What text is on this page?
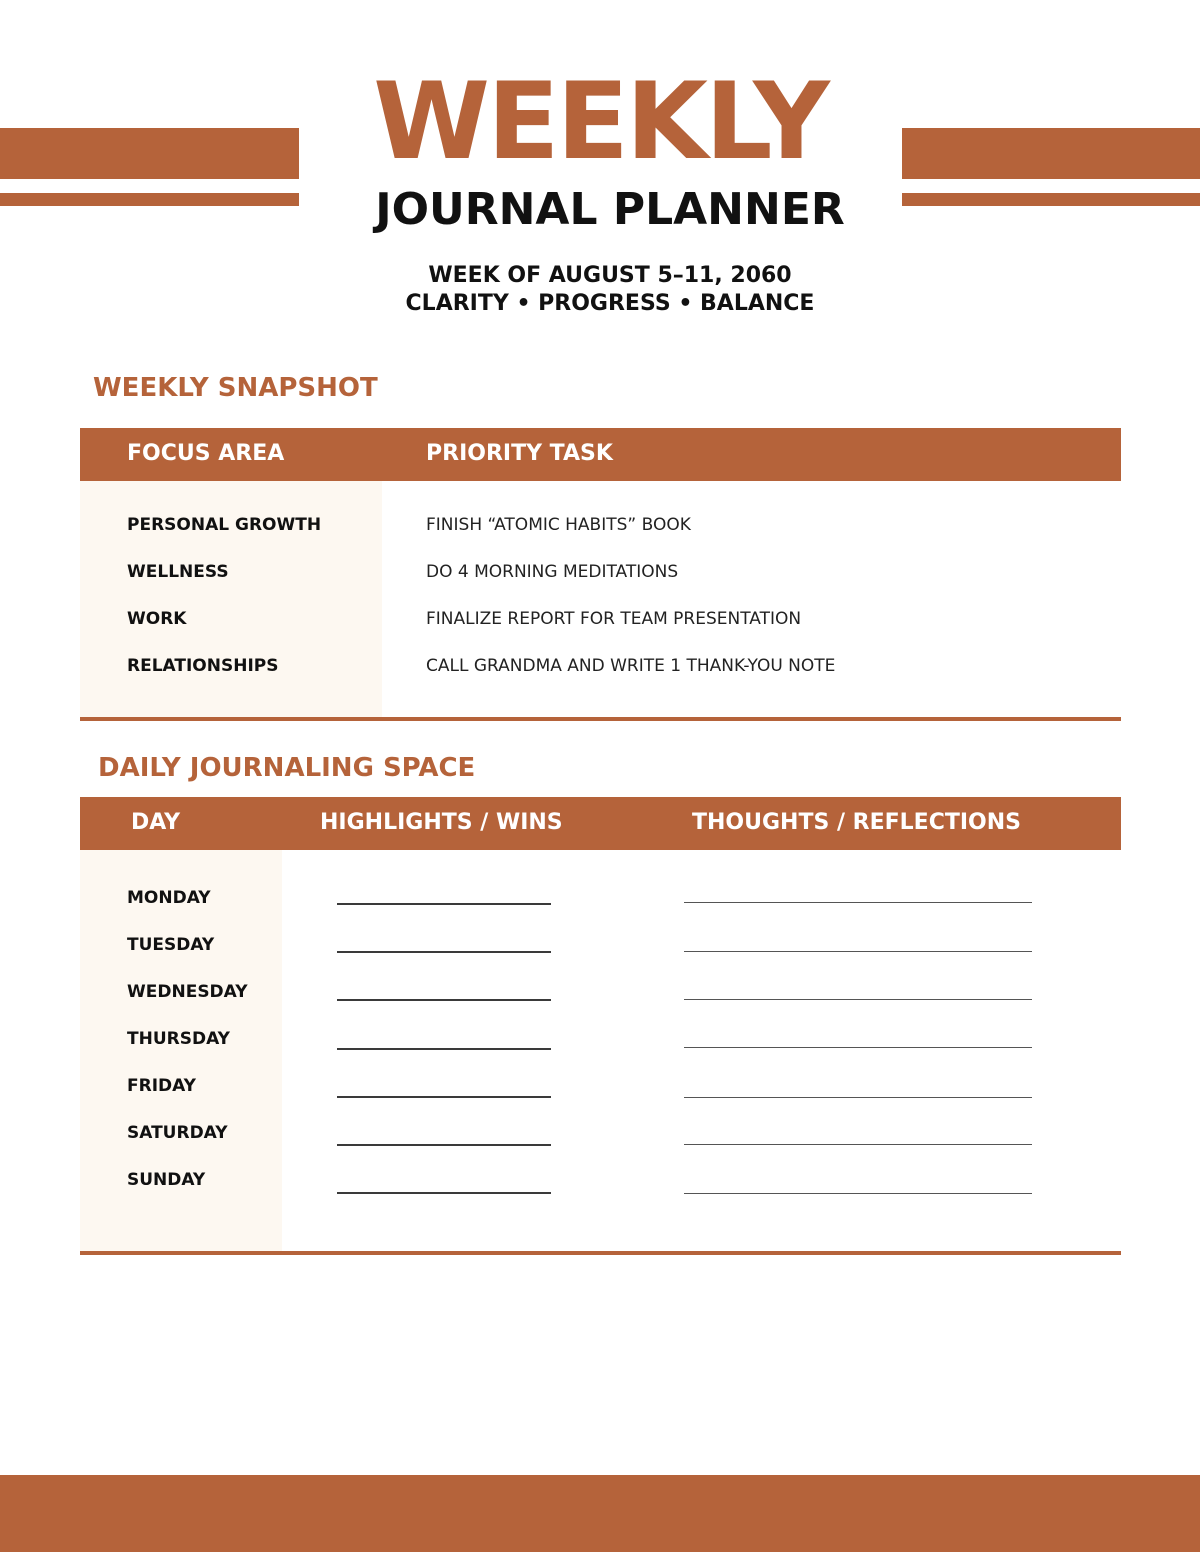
WEEKLY
JOURNAL PLANNER
WEEK OF AUGUST 5–11, 2060
CLARITY • PROGRESS • BALANCE
WEEKLY SNAPSHOT
FOCUS AREA	PRIORITY TASK
PERSONAL GROWTH	FINISH “ATOMIC HABITS” BOOK
WELLNESS	DO 4 MORNING MEDITATIONS
WORK	FINALIZE REPORT FOR TEAM PRESENTATION
RELATIONSHIPS	CALL GRANDMA AND WRITE 1 THANK-YOU NOTE
DAILY JOURNALING SPACE
DAY	HIGHLIGHTS / WINS	THOUGHTS / REFLECTIONS
MONDAY
TUESDAY
WEDNESDAY
THURSDAY
FRIDAY
SATURDAY
SUNDAY
